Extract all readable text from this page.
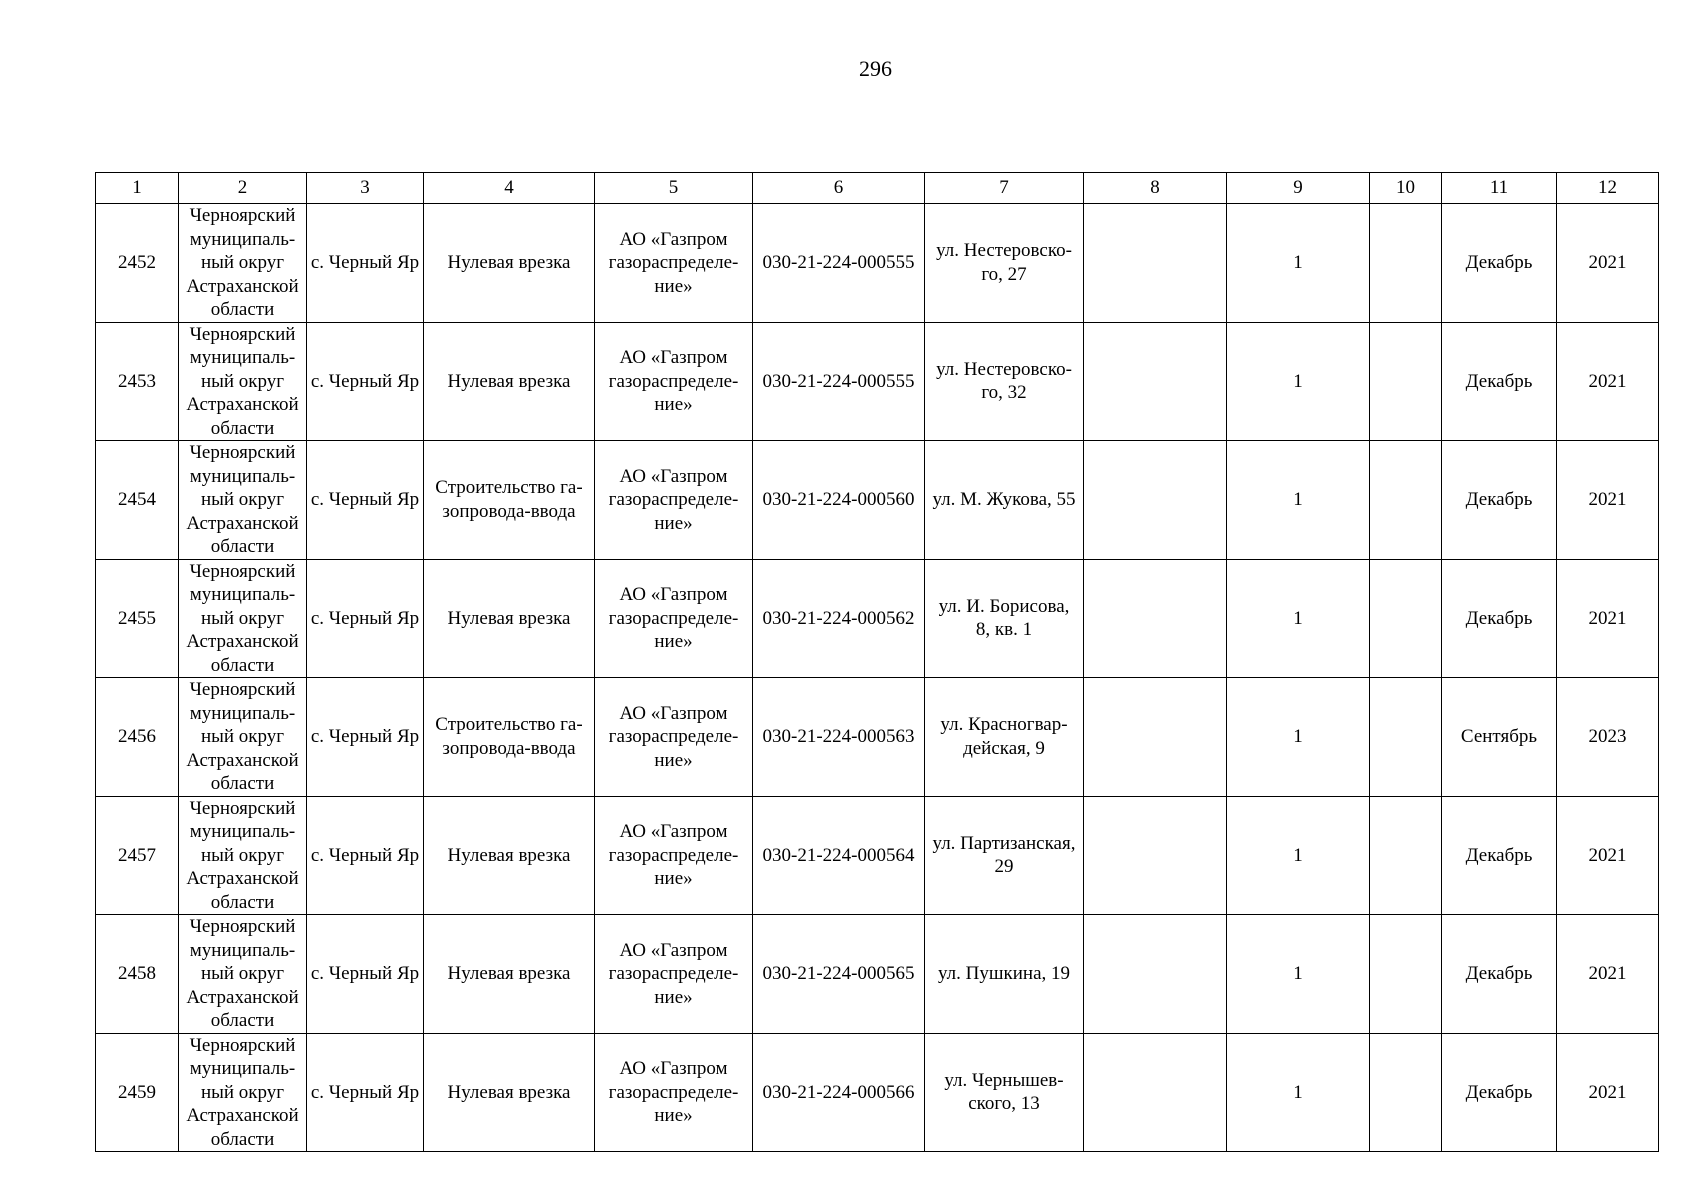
296
1	2	3	4	5	6	7	8	9	10	11	12
2452	Черноярский
муниципаль-
ный округ
Астраханской
области	с. Черный Яр	Нулевая врезка	АО «Газпром
газораспределе-
ние»	030-21-224-000555	ул. Нестеровско-
го, 27		1		Декабрь	2021
2453	Черноярский
муниципаль-
ный округ
Астраханской
области	с. Черный Яр	Нулевая врезка	АО «Газпром
газораспределе-
ние»	030-21-224-000555	ул. Нестеровско-
го, 32		1		Декабрь	2021
2454	Черноярский
муниципаль-
ный округ
Астраханской
области	с. Черный Яр	Строительство га-
зопровода-ввода	АО «Газпром
газораспределе-
ние»	030-21-224-000560	ул. М. Жукова, 55		1		Декабрь	2021
2455	Черноярский
муниципаль-
ный округ
Астраханской
области	с. Черный Яр	Нулевая врезка	АО «Газпром
газораспределе-
ние»	030-21-224-000562	ул. И. Борисова,
8, кв. 1		1		Декабрь	2021
2456	Черноярский
муниципаль-
ный округ
Астраханской
области	с. Черный Яр	Строительство га-
зопровода-ввода	АО «Газпром
газораспределе-
ние»	030-21-224-000563	ул. Красногвар-
дейская, 9		1		Сентябрь	2023
2457	Черноярский
муниципаль-
ный округ
Астраханской
области	с. Черный Яр	Нулевая врезка	АО «Газпром
газораспределе-
ние»	030-21-224-000564	ул. Партизанская,
29		1		Декабрь	2021
2458	Черноярский
муниципаль-
ный округ
Астраханской
области	с. Черный Яр	Нулевая врезка	АО «Газпром
газораспределе-
ние»	030-21-224-000565	ул. Пушкина, 19		1		Декабрь	2021
2459	Черноярский
муниципаль-
ный округ
Астраханской
области	с. Черный Яр	Нулевая врезка	АО «Газпром
газораспределе-
ние»	030-21-224-000566	ул. Чернышев-
ского, 13		1		Декабрь	2021
